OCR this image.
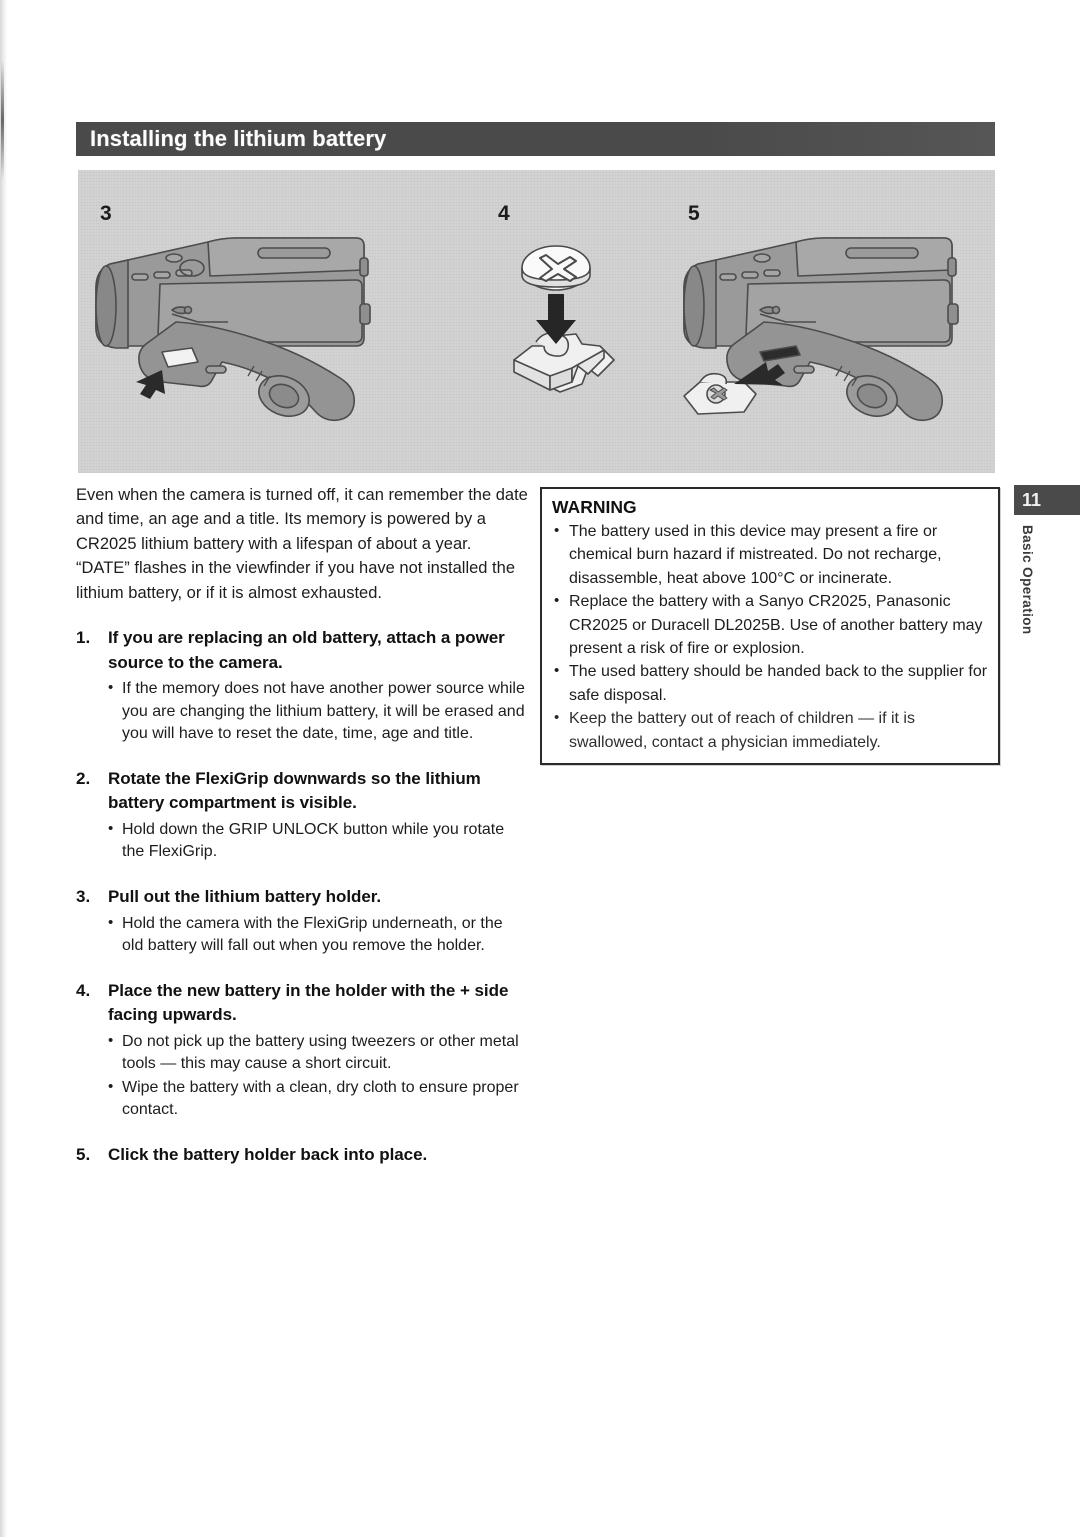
Installing the lithium battery
3	4	5

Even when the camera is turned off, it can remember the date and time, an age and a title. Its memory is powered by a CR2025 lithium battery with a lifespan of about a year.

“DATE” flashes in the viewfinder if you have not installed the lithium battery, or if it is almost exhausted.

1.	If you are replacing an old battery, attach a power source to the camera.
• If the memory does not have another power source while you are changing the lithium battery, it will be erased and you will have to reset the date, time, age and title.
2.	Rotate the FlexiGrip downwards so the lithium battery compartment is visible.
• Hold down the GRIP UNLOCK button while you rotate the FlexiGrip.
3.	Pull out the lithium battery holder.
• Hold the camera with the FlexiGrip underneath, or the old battery will fall out when you remove the holder.
4.	Place the new battery in the holder with the + side facing upwards.
• Do not pick up the battery using tweezers or other metal tools — this may cause a short circuit.
• Wipe the battery with a clean, dry cloth to ensure proper contact.
5.	Click the battery holder back into place.
WARNING
• The battery used in this device may present a fire or chemical burn hazard if mistreated. Do not recharge, disassemble, heat above 100°C or incinerate.
• Replace the battery with a Sanyo CR2025, Panasonic CR2025 or Duracell DL2025B. Use of another battery may present a risk of fire or explosion.
• The used battery should be handed back to the supplier for safe disposal.
• Keep the battery out of reach of children — if it is swallowed, contact a physician immediately.
11
Basic Operation
